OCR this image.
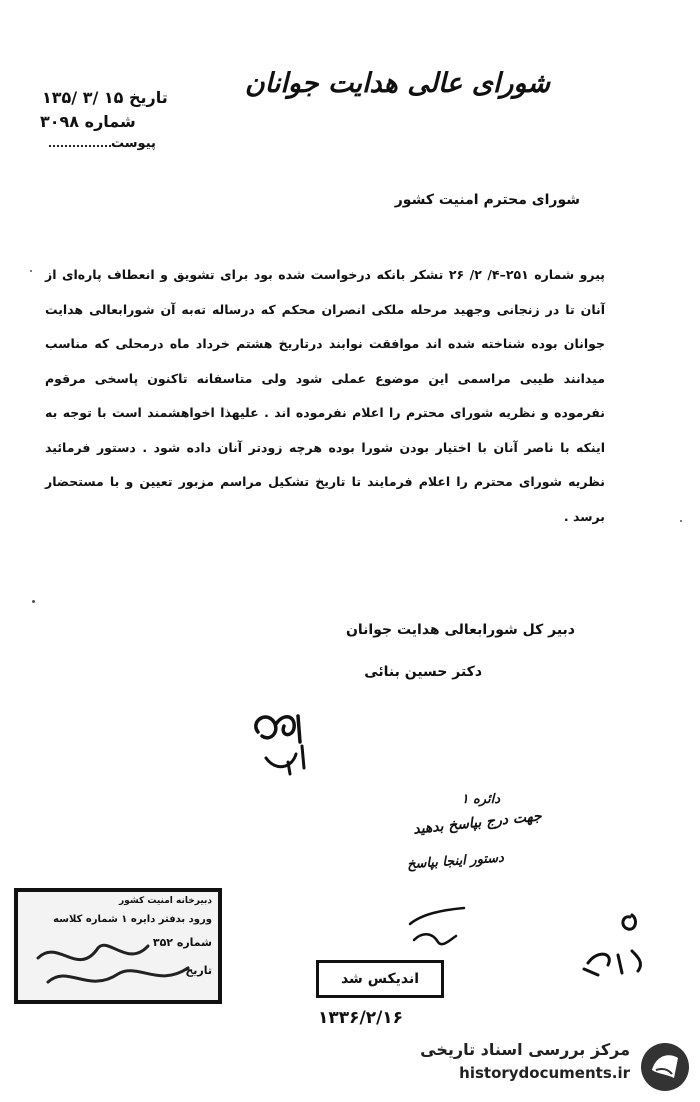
شورای عالی هدایت جوانان
تاریخ ۱۵ /۳ /۱۳۵
شماره ۳۰۹۸
پیوست
شورای محترم امنیت کشور
پیرو شماره ۲۵۱–۴/ ۲/ ۲۶ تشکر بانکه درخواست شده بود برای تشویق و انعطاف پاره‌ای از آنان تا در زنجانی وجهید مرحله ملکی انصران محکم که درساله ته‌به آن شورابعالی هدایت جوانان بوده شناخته شده اند موافقت نوابند درتاریخ هشتم خرداد ماه درمحلی که مناسب میدانند طیبی مراسمی این موضوع عملی شود ولی متاسفانه تاکنون پاسخی مرقوم نفرموده و نظریه شورای محترم را اعلام نفرموده اند . علیهذا اخواهشمند است با توجه به اینکه با ناصر آنان با اختیار بودن شورا بوده هرچه زودتر آنان داده شود . دستور فرمائید نظریه شورای محترم را اعلام فرمایند تا تاریخ تشکیل مراسم مزبور تعیین و با مستحضار برسد .
دبیر کل شورابعالی هدایت جوانان
دکتر حسین بنائی
دائره ۱
جهت درج بپاسخ بدهید
دستور اینجا بپاسخ
دبیرخانه امنیت کشور
ورود بدفتر دایره ۱ شماره کلاسه
شماره ۳۵۲
تاریخ
اندیکس شد
۱۳۳۶/۲/۱۶
مرکز بررسی اسناد تاریخی
historydocuments.ir
